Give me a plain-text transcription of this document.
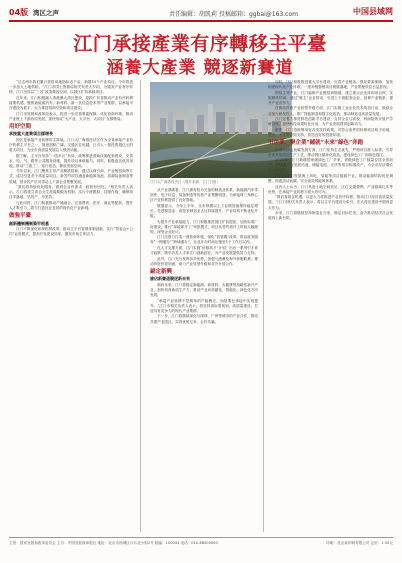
04版 湾区之声	责任编辑：胡凯莉 投稿邮箱：ggbai@163.com	中国县域网
江门承接產業有序轉移主平臺
涵養大產業 競逐新賽道
江门大广海湾经济区（图片来源：江门日报）

“过去两年我们累计获批用地指标近千亩，新增10个产业项目，今年将进一步加大土地供给。”江门市国土资源局相关负责人介绍，为服务产业有序转移，江门坚持以“三旧”改造释放空间、以园区扩容承载项目。

近年来，江门积极融入粤港澳大湾区建设，抢抓广东省推动产业有序转移政策机遇，聚焦新能源汽车、新材料、新一代信息技术等产业集群，以承接平台建设为抓手，大力推进招商引资和项目建设。

江门市发展和改革局表示，将进一步完善要素保障，优化营商环境，推动产业链上下游协同发展，加快形成“大产业、大平台、大项目”支撑格局。

用好空間

承接重大產業項目謀增長

园区是承接产业转移的主阵地。江门大广海湾经济区作为全省承接产业有序转移主平台之一，规划面积广阔，交通区位优越，已引入一批投资超亿元的重大项目，为全市高质量发展注入强劲动能。

据了解，主平台坚持“一园多区”布局，统筹推进基础设施配套建设，完善水、电、气、路等公共服务设施，提升项目承载能力。同时，积极盘活低效用地，推动“工改工”、连片改造，释放发展空间。

今年以来，江门聚焦主导产业精准招商，通过以商引商、产业链招商等方式，成功引进多个高质量项目。新签约项目涵盖新能源电池、高端装备制造等领域，预计投产后可带动上下游企业集聚发展。

“我们将持续优化服务，做到企业有需求、政府有回应。”相关负责人表示，江门将建立项目全生命周期服务机制，实行专班跟踪、挂图作战，确保项目早落地、早投产、早见效。

与此同时，江门积极推动产城融合，完善教育、医疗、商业等配套，提升人才吸引力，着力打造宜业宜居的现代化产业新城。

做強平臺

創新體制機制築牢根基

江门不断深化体制机制改革，推动主平台管理体制创新，实行“管委会+公司”运营模式，提高开发建设效率，激发市场主体活力。

从产业基础看，江门拥有较为完备的制造业体系，新能源汽车零部件、电子信息、装备制造等优势产业集聚明显，为承接珠三角核心区产业转移提供了良好基础。

数据显示，今年上半年，全市规模以上工业增加值保持稳定增长，先进制造业、高技术制造业占比持续提升，产业结构不断优化升级。

为提升产业承接能力，江门积极推进园区扩容提质，加快标准厂房建设，推行“拿地即开工”审批模式，项目从签约到开工时间大幅缩短，深受企业好评。

江门还着力打造一流营商环境，深化“放管服”改革，推动政务服务“一网通办”“跨域通办”，企业开办时间压缩至1个工作日以内。

在人才支撑方面，江门实施“侨都英才”计划，出台一系列引才育才政策，吸引各类人才来江门创新创业，为产业发展提供智力支持。

此外，江门充分发挥侨乡优势，加强与港澳及海外侨胞联系，推动侨资侨智回流，助力产业转型升级和对外开放合作。

錨定新興

搶佔新賽道競逐新未來

面向未来，江门将锚定新能源、新材料、大健康等战略性新兴产业，加快培育新质生产力，推动产业向高端化、智能化、绿色化方向发展。

“承接产业转移不是简单的产能搬迁，而是要在承接中实现提升。”江门市相关负责人表示，将坚持高标准规划、高质量建设，打造具有竞争力的现代产业集群。

下一步，江门将继续深化与深圳、广州等城市的产业合作，推动共建产业园区，实现优势互补、合作共赢。

同时，江门积极推进重大平台建设，完善产业链条，强化要素保障，加快构建现代化产业体系。一批补链强链项目相继落地，产业集聚效应日益显现。

围绕主导产业，江门编制产业链招商图谱，建立重点企业库和项目库，实施精准招商。通过“链主”企业带动，引进上下游配套企业，延伸产业链条，提升产业竞争力。

在推动传统产业转型升级方面，江门实施工业企业技术改造行动，鼓励企业加大研发投入，推广智能制造和数字化改造，推动制造业高质量发展。

江门还着力推进科技创新平台建设，支持企业与高校、科研院所开展产学研合作，加快科技成果转化应用，为产业发展提供创新动力。

据悉，江门将统筹用好各类扶持政策，对符合条件的转移项目给予用地、资金、人才等方面支持，营造良好的投资环境。

引企業、聚企業“鋪就”未來“綠色”奔跑

在推动绿色低碳发展方面，江门坚持生态优先，严格项目准入标准，引导企业采用清洁生产工艺，推动园区循环化改造，建设绿色工厂和绿色园区。

2023年，江门新增国家级绿色工厂多家，省级绿色工厂数量位居全省前列。新能源产业发展迅速，储能电池、光伏等项目相继投产，为全市经济增长注入新动能。

江门还大力发展海上风电、氢能等清洁能源产业，推动能源结构优化调整，构建清洁低碳、安全高效的能源体系。

业内人士认为，江门具备土地空间充足、区位交通便利、产业基础扎实等优势，在承接产业转移方面大有可为。

“我们将抓住机遇，以更大力度推进产业有序转移，推动江门经济高质量发展。”江门市相关负责人表示，将以主平台建设为牵引，在大湾区建设中展现更大作为。

未来，江门将继续坚持制造业当家，锚定目标任务，奋力推动经济社会发展再上新台阶。

主管：国家发展和改革委员会 主办：中国发展改革报社 地址：北京市西城区月坛北小街2号 邮编：100045 电话：010-68500000	印刷：北京某印刷有限公司 定价：1.50元
